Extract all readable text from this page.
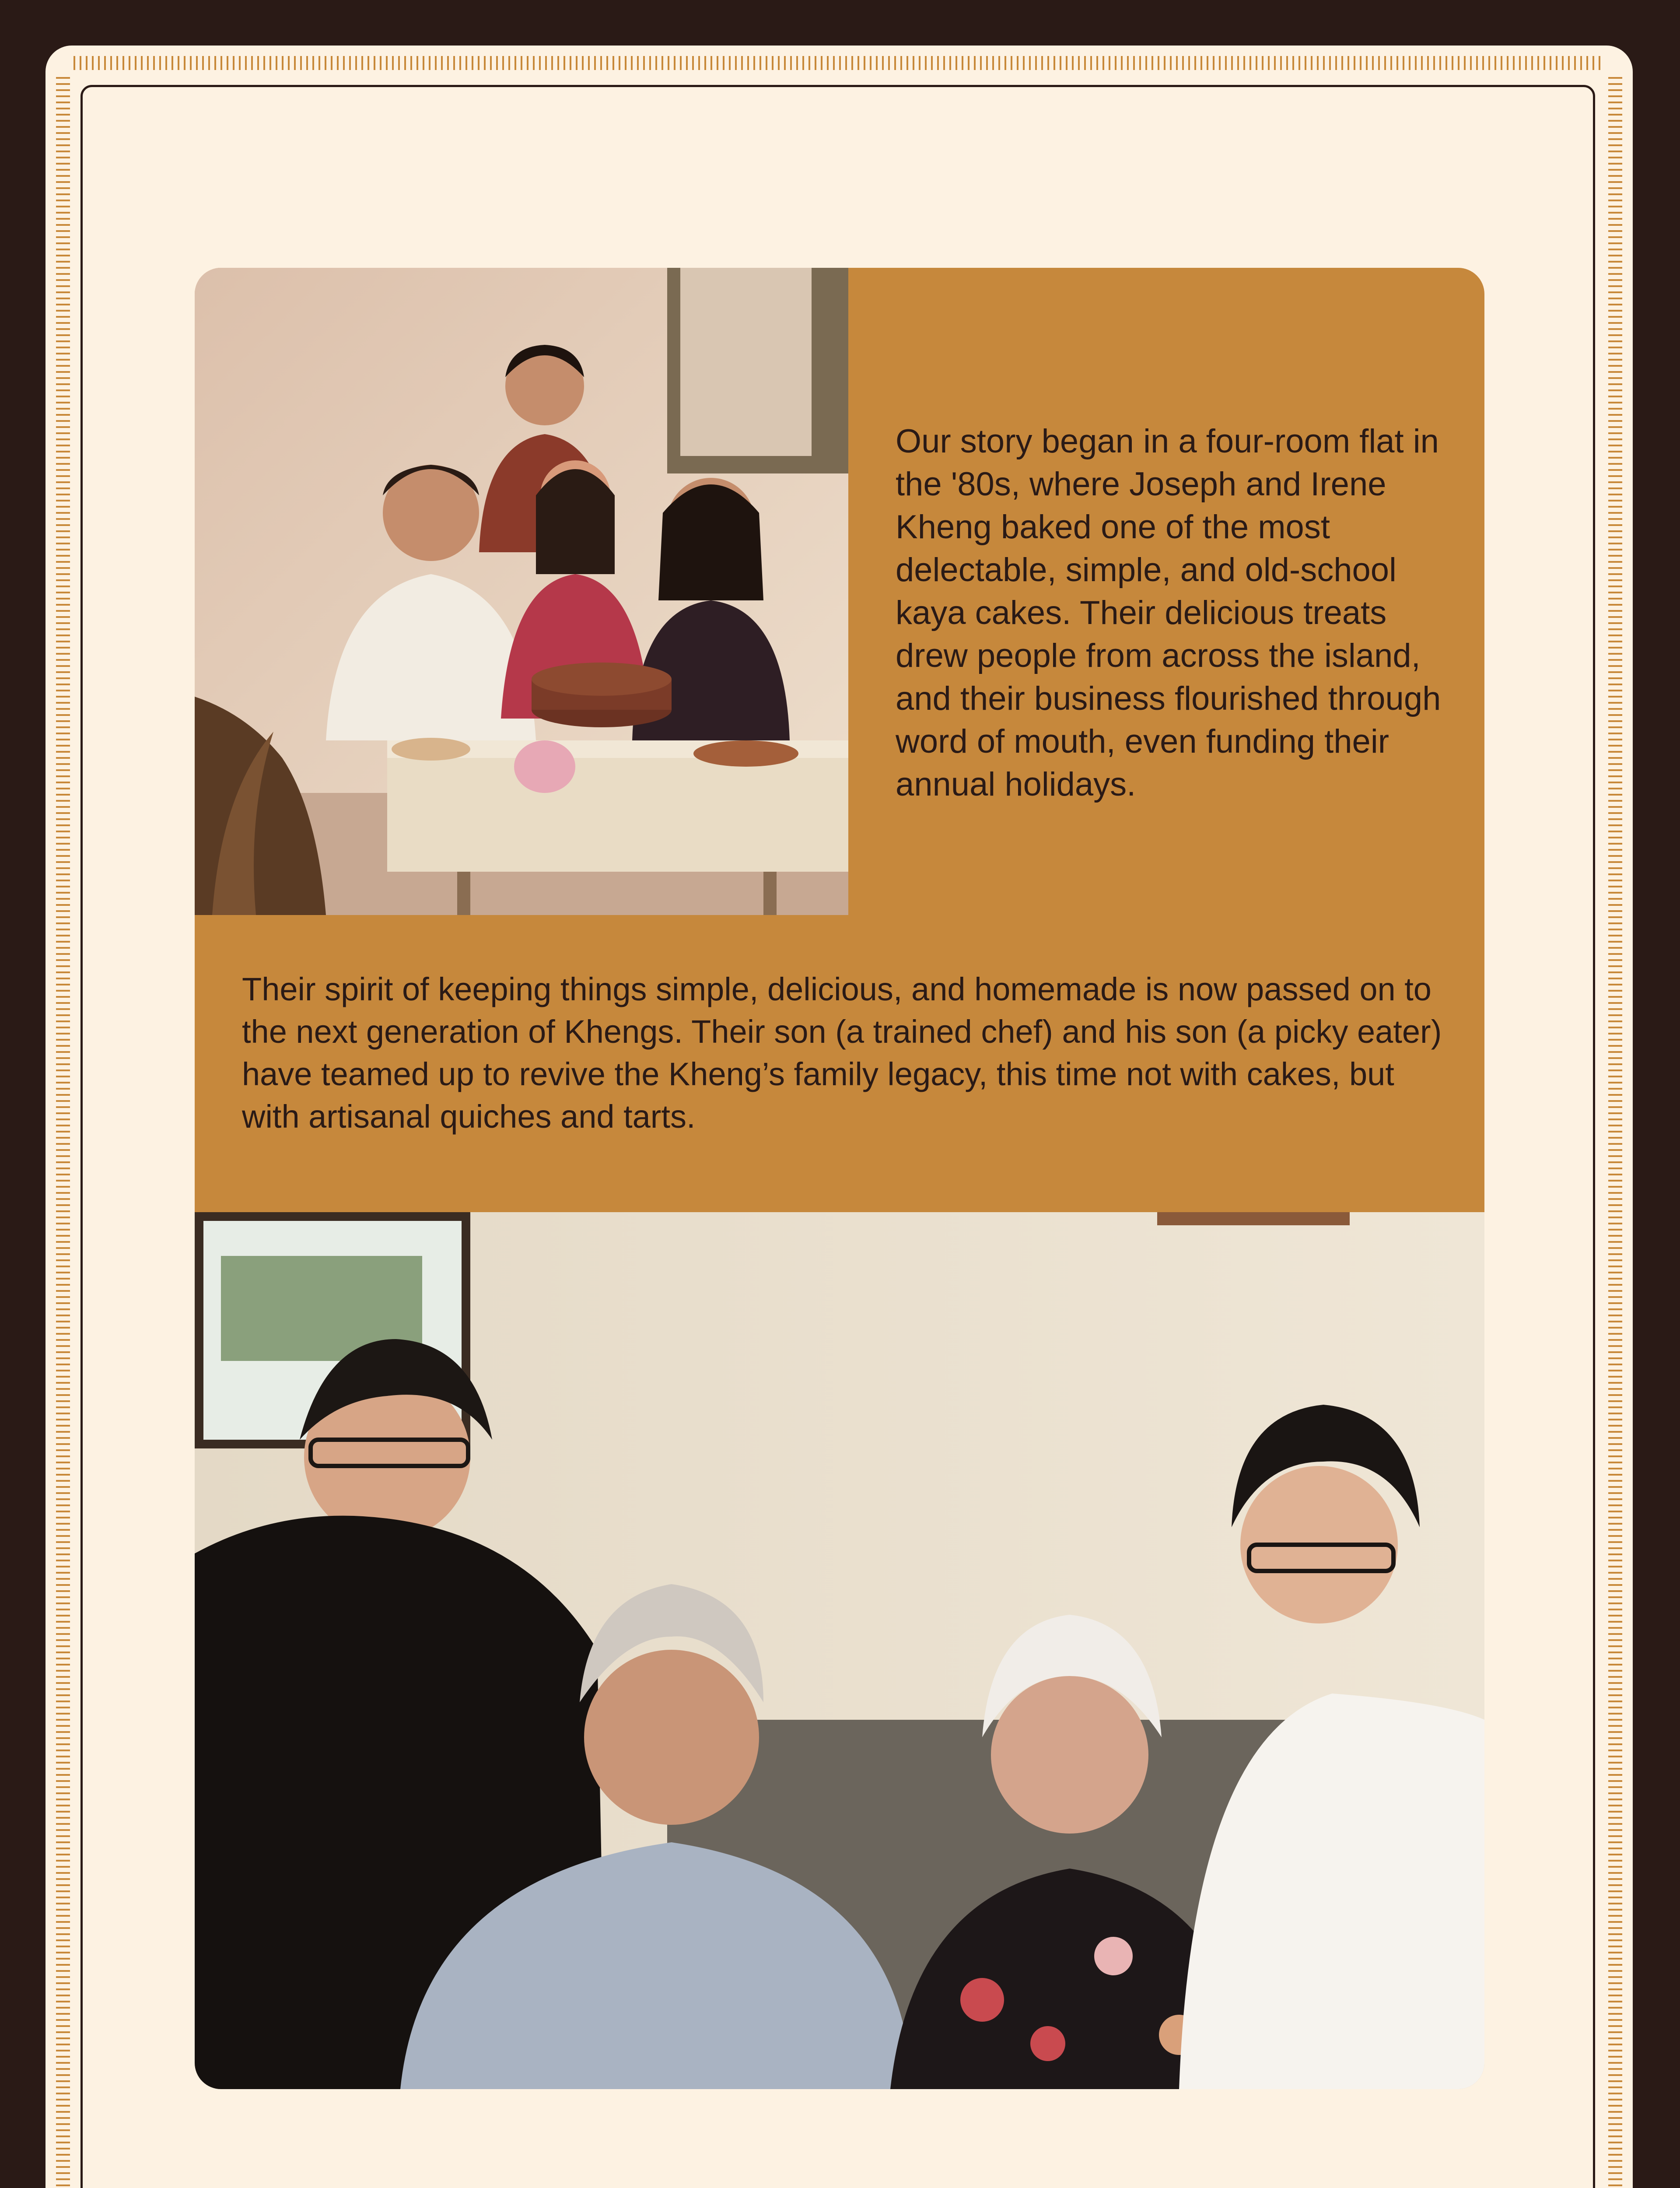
Our story began in a four-room flat in the '80s, where Joseph and Irene Kheng baked one of the most delectable, simple, and old-school kaya cakes. Their delicious treats drew people from across the island, and their business flourished through word of mouth, even funding their annual holidays.

Their spirit of keeping things simple, delicious, and homemade is now passed on to the next generation of Khengs. Their son (a trained chef) and his son (a picky eater) have teamed up to revive the Kheng’s family legacy, this time not with cakes, but with artisanal quiches and tarts.
